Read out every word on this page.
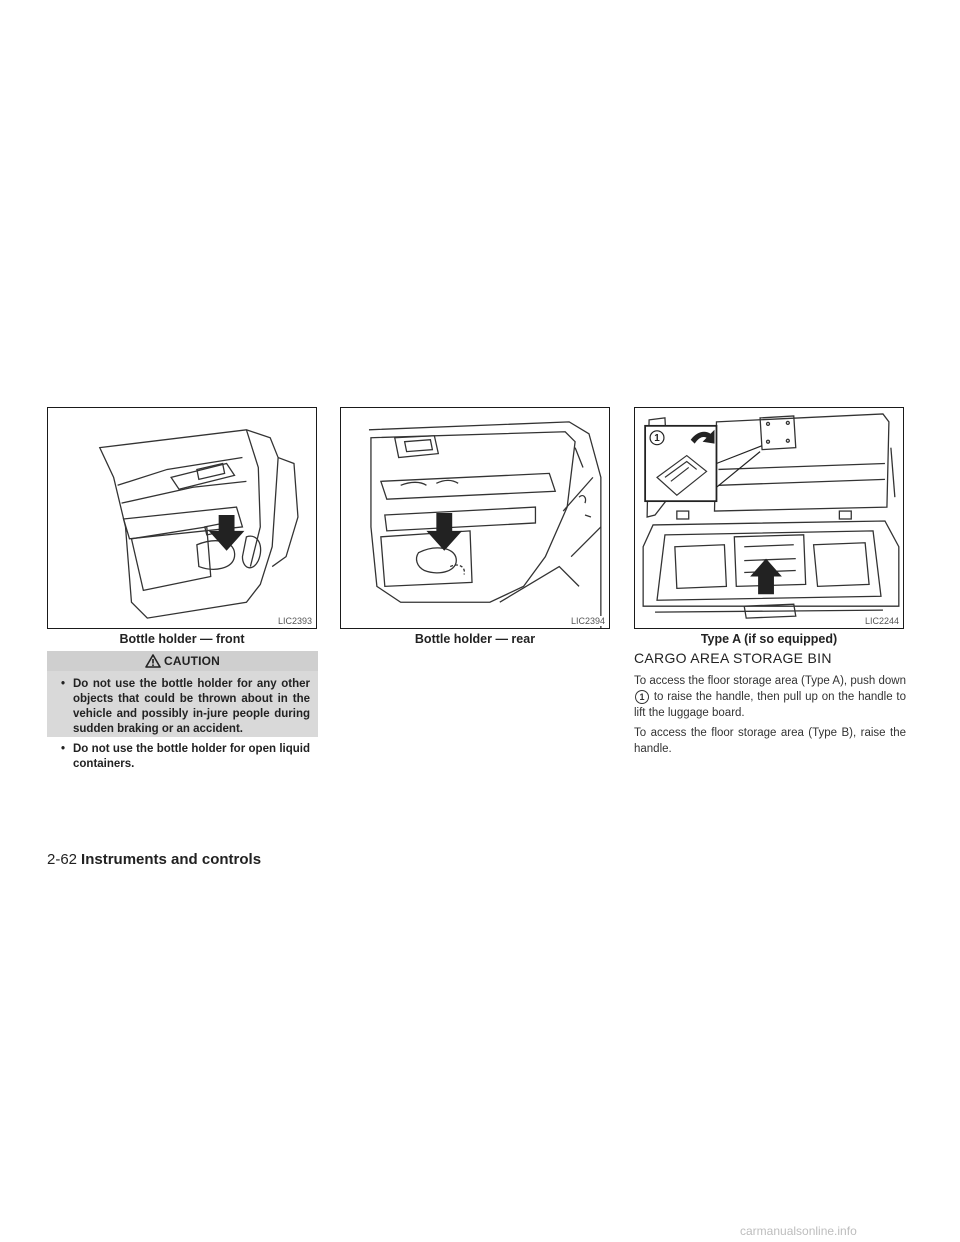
LIC2393
Bottle holder — front
LIC2394
Bottle holder — rear
1
LIC2244
Type A (if so equipped)
CAUTION
• Do not use the bottle holder for any other objects that could be thrown about in the vehicle and possibly in-jure people during sudden braking or an accident.
• Do not use the bottle holder for open liquid containers.
CARGO AREA STORAGE BIN

To access the floor storage area (Type A), push down 1 to raise the handle, then pull up on the handle to lift the luggage board.

To access the floor storage area (Type B), raise the handle.

2-62 Instruments and controls
carmanualsonline.info
